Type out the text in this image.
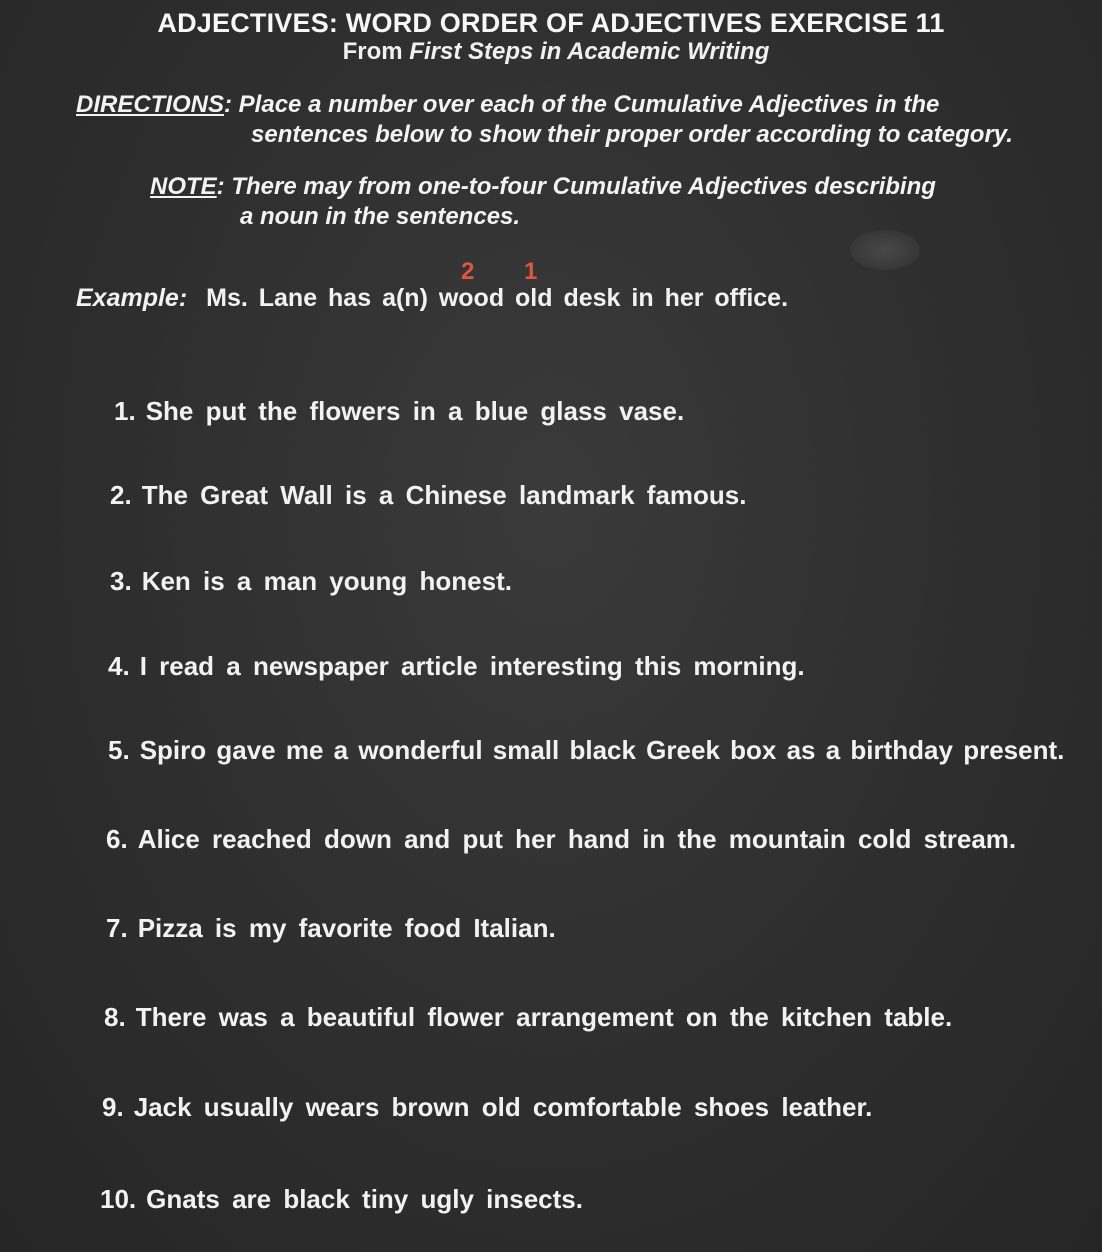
ADJECTIVES: WORD ORDER OF ADJECTIVES EXERCISE 11
From First Steps in Academic Writing
DIRECTIONS: Place a number over each of the Cumulative Adjectives in the
sentences below to show their proper order according to category.
NOTE: There may from one-to-four Cumulative Adjectives describing
a noun in the sentences.
2 1
Example: Ms. Lane has a(n) wood old desk in her office.
1. She put the flowers in a blue glass vase.
2. The Great Wall is a Chinese landmark famous.
3. Ken is a man young honest.
4. I read a newspaper article interesting this morning.
5. Spiro gave me a wonderful small black Greek box as a birthday present.
6. Alice reached down and put her hand in the mountain cold stream.
7. Pizza is my favorite food Italian.
8. There was a beautiful flower arrangement on the kitchen table.
9. Jack usually wears brown old comfortable shoes leather.
10. Gnats are black tiny ugly insects.
